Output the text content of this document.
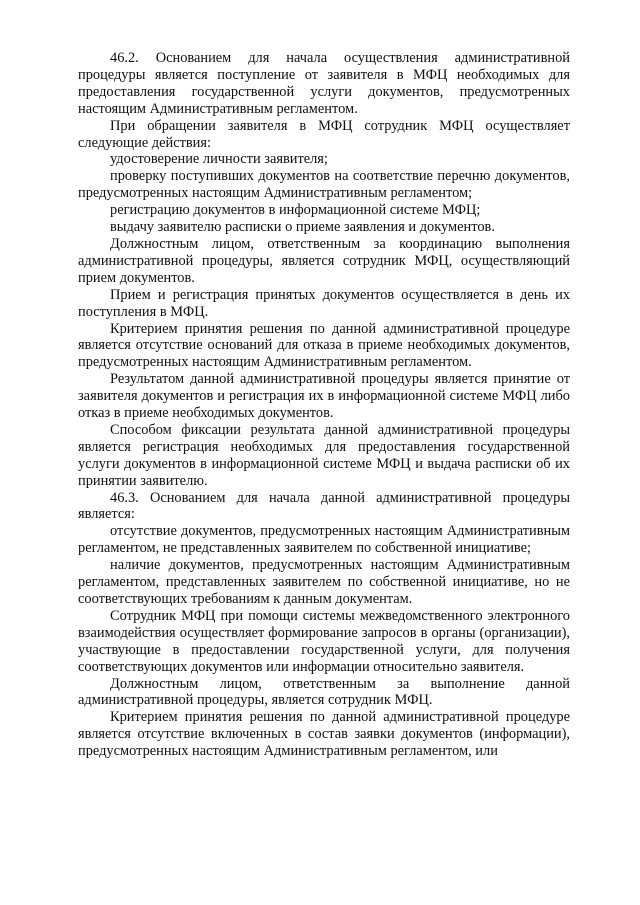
46.2. Основанием для начала осуществления административной процедуры является поступление от заявителя в МФЦ необходимых для предоставления государственной услуги документов, предусмотренных настоящим Административным регламентом.

При обращении заявителя в МФЦ сотрудник МФЦ осуществляет следующие действия:

удостоверение личности заявителя;

проверку поступивших документов на соответствие перечню документов, предусмотренных настоящим Административным регламентом;

регистрацию документов в информационной системе МФЦ;

выдачу заявителю расписки о приеме заявления и документов.

Должностным лицом, ответственным за координацию выполнения административной процедуры, является сотрудник МФЦ, осуществляющий прием документов.

Прием и регистрация принятых документов осуществляется в день их поступления в МФЦ.

Критерием принятия решения по данной административной процедуре является отсутствие оснований для отказа в приеме необходимых документов, предусмотренных настоящим Административным регламентом.

Результатом данной административной процедуры является принятие от заявителя документов и регистрация их в информационной системе МФЦ либо отказ в приеме необходимых документов.

Способом фиксации результата данной административной процедуры является регистрация необходимых для предоставления государственной услуги документов в информационной системе МФЦ и выдача расписки об их принятии заявителю.

46.3. Основанием для начала данной административной процедуры является:

отсутствие документов, предусмотренных настоящим Административным регламентом, не представленных заявителем по собственной инициативе;

наличие документов, предусмотренных настоящим Административным регламентом, представленных заявителем по собственной инициативе, но не соответствующих требованиям к данным документам.

Сотрудник МФЦ при помощи системы межведомственного электронного взаимодействия осуществляет формирование запросов в органы (организации), участвующие в предоставлении государственной услуги, для получения соответствующих документов или информации относительно заявителя.

Должностным лицом, ответственным за выполнение данной административной процедуры, является сотрудник МФЦ.

Критерием принятия решения по данной административной процедуре является отсутствие включенных в состав заявки документов (информации), предусмотренных настоящим Административным регламентом, или
